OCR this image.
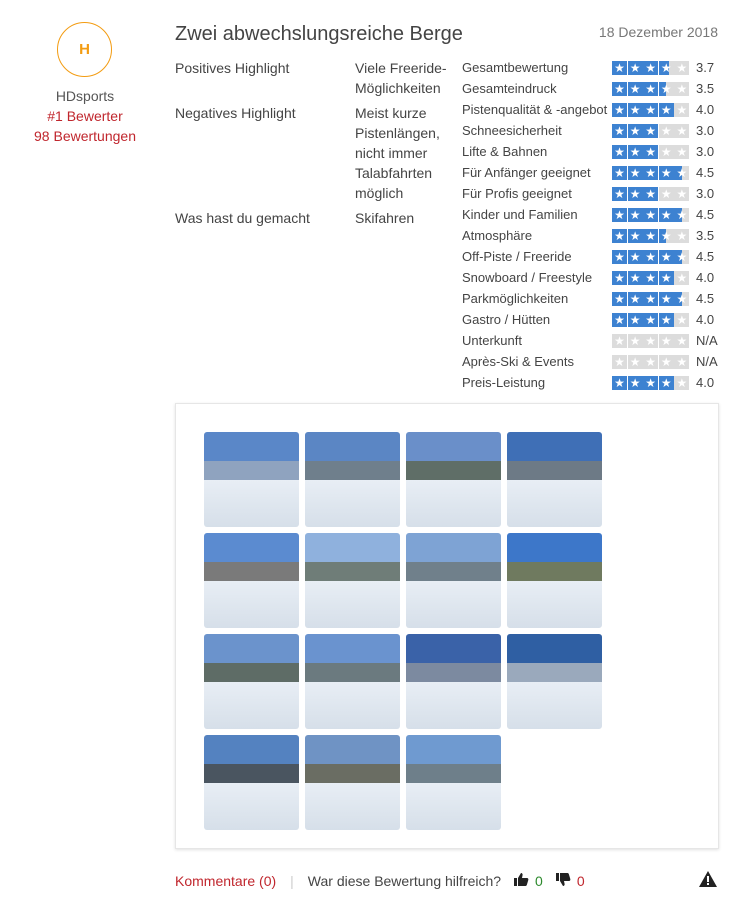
H
HDsports
#1 Bewerter
98 Bewertungen
Zwei abwechslungsreiche Berge	18 Dezember 2018
Positives Highlight	Viele Freeride-Möglichkeiten
Negatives Highlight	Meist kurze Pistenlängen, nicht immer Talabfahrten möglich
Was hast du gemacht	Skifahren
Gesamtbewertung	★ ★ ★ ★ ★ 3.7
Gesamteindruck	★ ★ ★ ★ ★ 3.5
Pistenqualität & -angebot ★ ★ ★ ★ ★ 4.0
Schneesicherheit	★ ★ ★ ★ ★ 3.0
Lifte & Bahnen	★ ★ ★ ★ ★ 3.0
Für Anfänger geeignet	★ ★ ★ ★ ★ 4.5
Für Profis geeignet	★ ★ ★ ★ ★ 3.0
Kinder und Familien	★ ★ ★ ★ ★ 4.5
Atmosphäre	★ ★ ★ ★ ★ 3.5
Off-Piste / Freeride	★ ★ ★ ★ ★ 4.5
Snowboard / Freestyle	★ ★ ★ ★ ★ 4.0
Parkmöglichkeiten	★ ★ ★ ★ ★ 4.5
Gastro / Hütten	★ ★ ★ ★ ★ 4.0
Unterkunft	★ ★ ★ ★ ★ N/A
Après-Ski & Events	★ ★ ★ ★ ★ N/A
Preis-Leistung	★ ★ ★ ★ ★ 4.0
Kommentare (0) | War diese Bewertung hilfreich? 0 0
